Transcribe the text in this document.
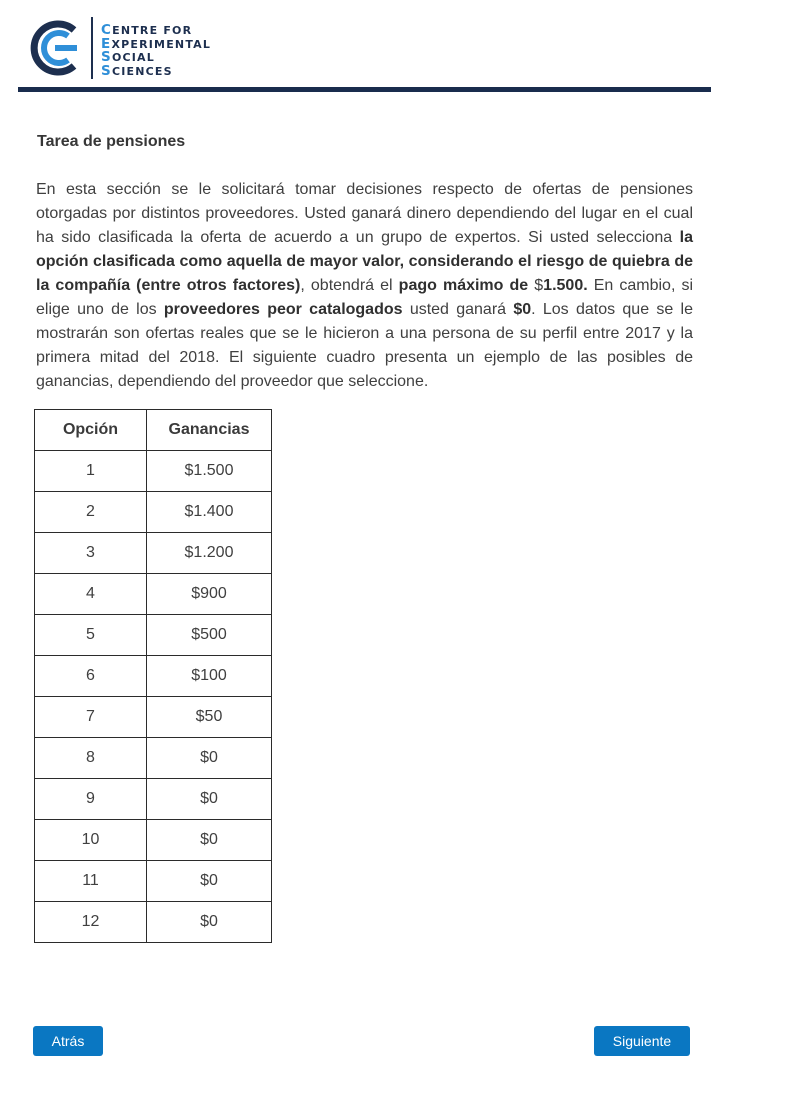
CENTRE FOR
EXPERIMENTAL
SOCIAL
SCIENCES
Tarea de pensiones

En esta sección se le solicitará tomar decisiones respecto de ofertas de pensiones otorgadas por distintos proveedores. Usted ganará dinero dependiendo del lugar en el cual ha sido clasificada la oferta de acuerdo a un grupo de expertos. Si usted selecciona la opción clasificada como aquella de mayor valor, considerando el riesgo de quiebra de la compañía (entre otros factores), obtendrá el pago máximo de $1.500. En cambio, si elige uno de los proveedores peor catalogados usted ganará $0. Los datos que se le mostrarán son ofertas reales que se le hicieron a una persona de su perfil entre 2017 y la primera mitad del 2018. El siguiente cuadro presenta un ejemplo de las posibles de ganancias, dependiendo del proveedor que seleccione.

Opción	Ganancias
1	$1.500
2	$1.400
3	$1.200
4	$900
5	$500
6	$100
7	$50
8	$0
9	$0
10	$0
11	$0
12	$0
Atrás	Siguiente
